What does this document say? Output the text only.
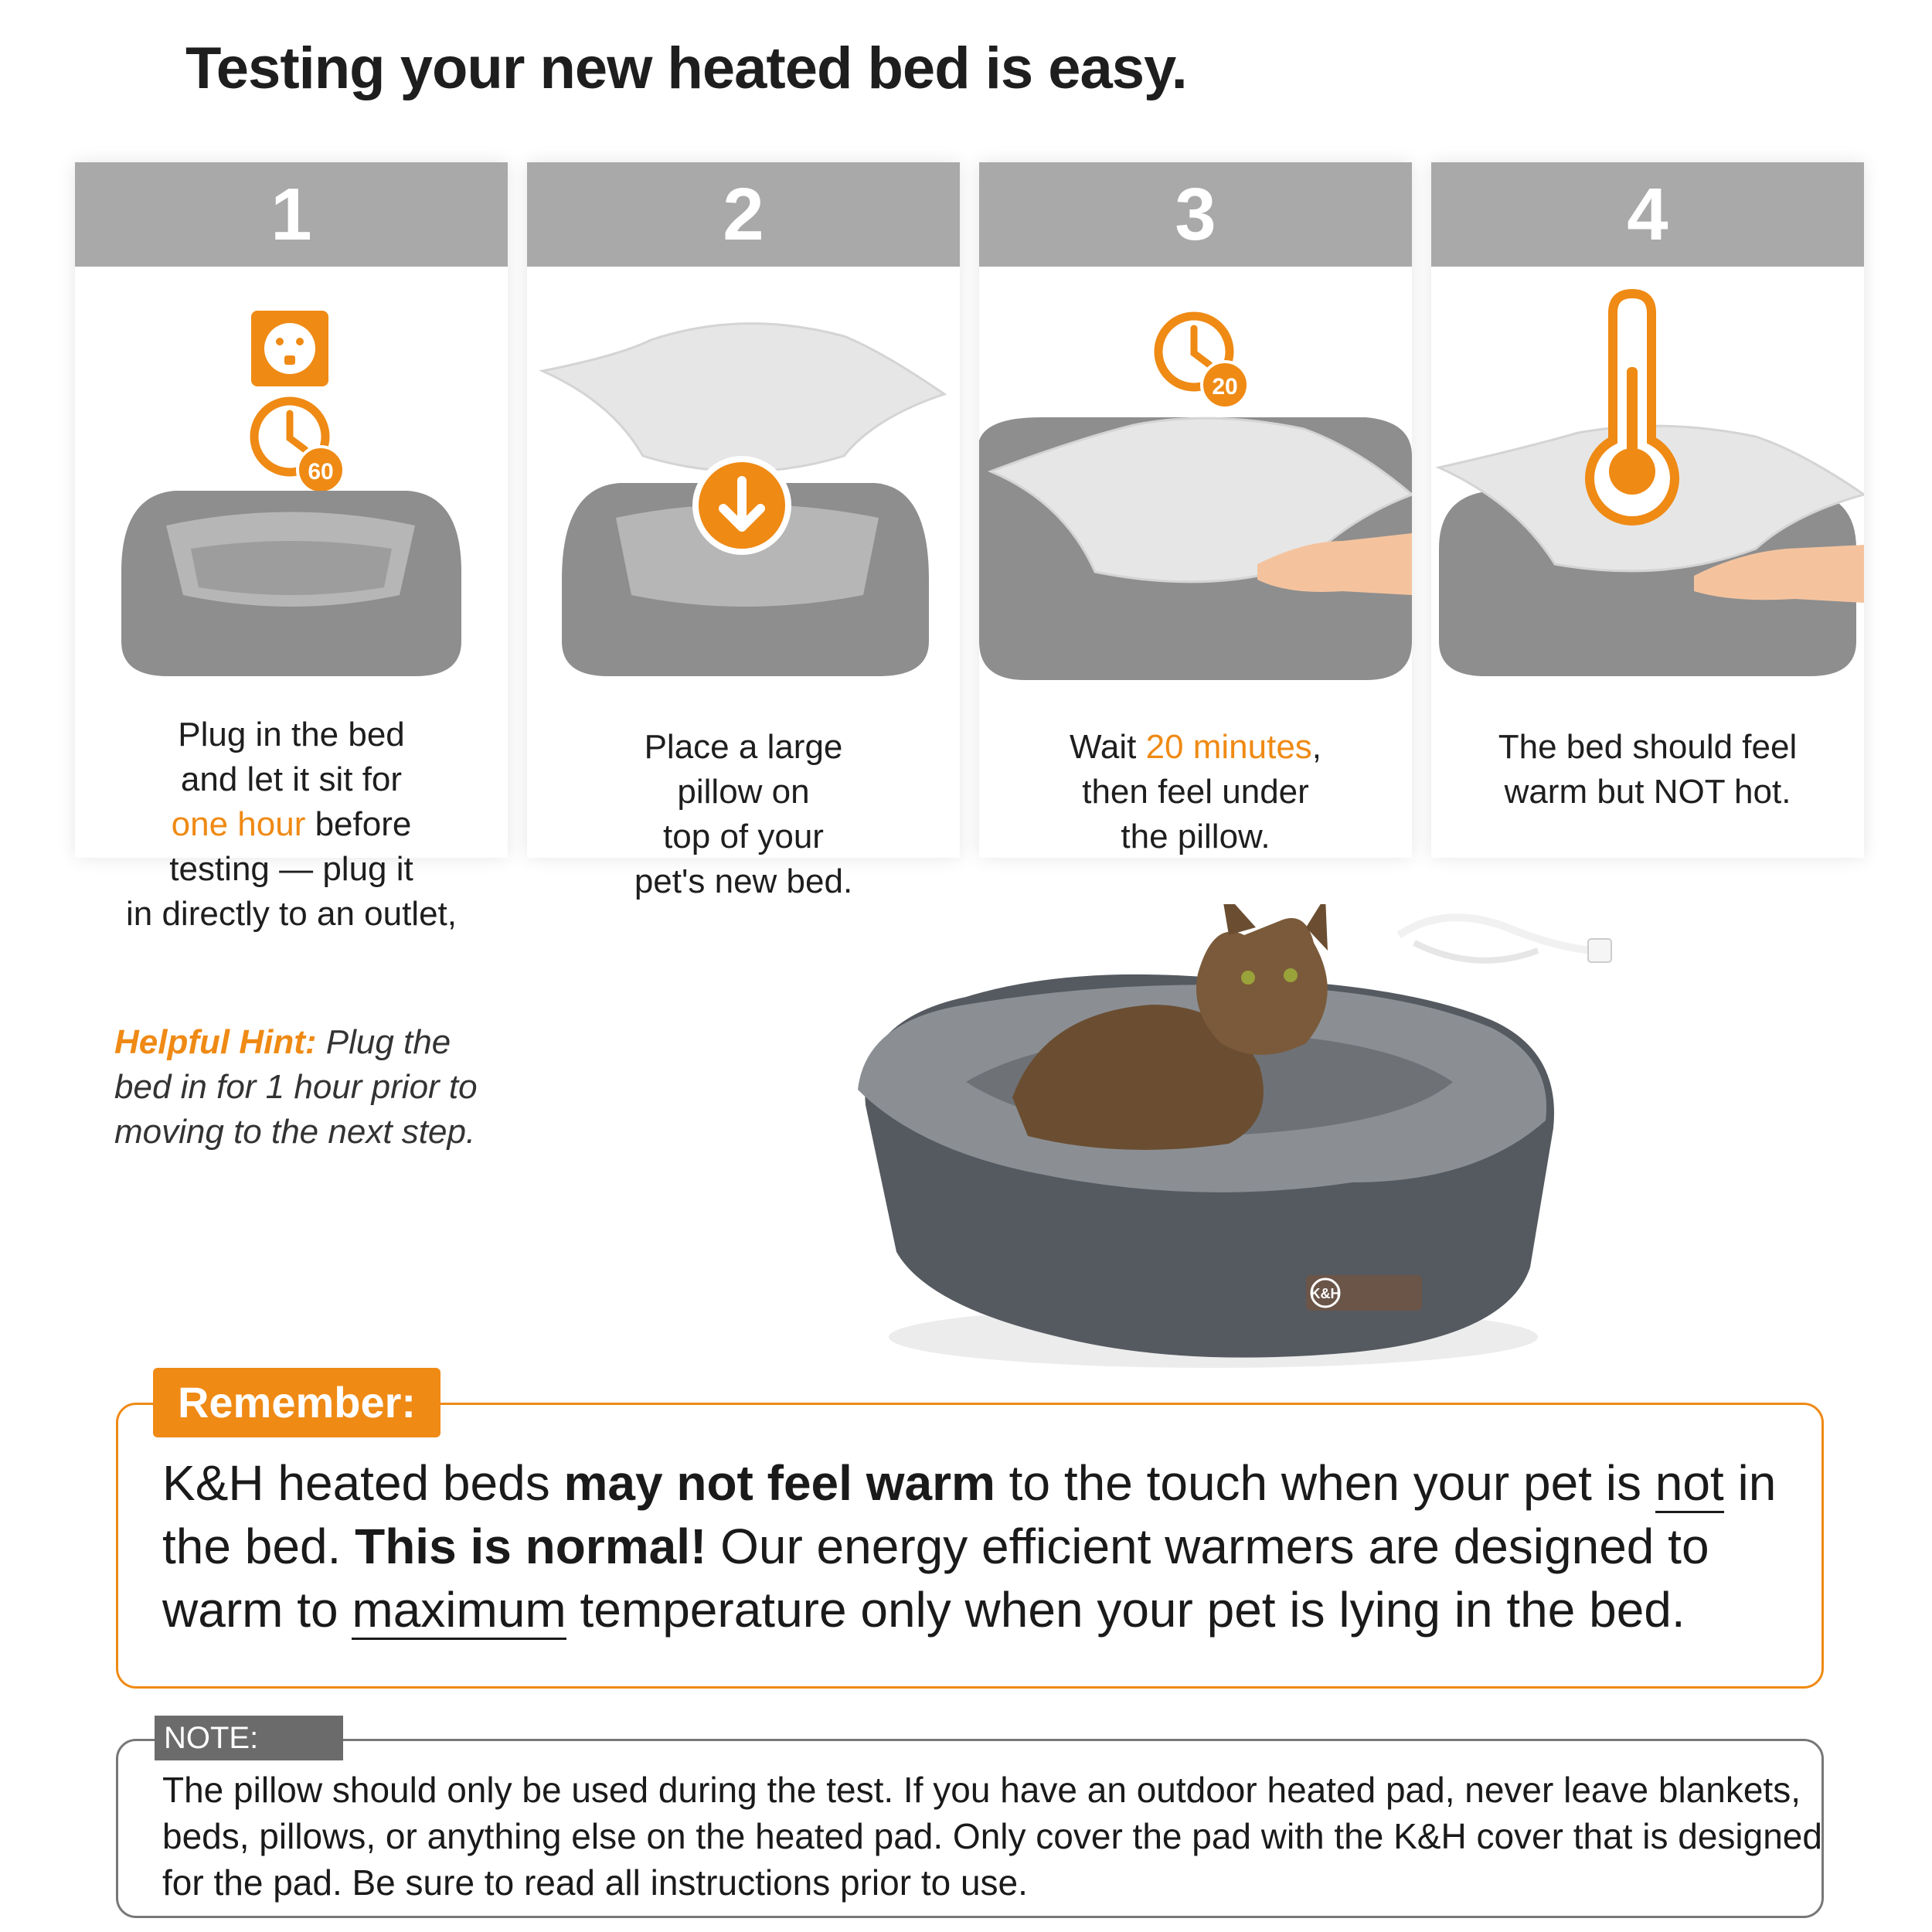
Testing your new heated bed is easy.
1
60
2	3
20
4
Plug in the bed
and let it sit for
one hour before
testing — plug it
in directly to an outlet,
Place a large
pillow on
top of your
pet's new bed.
Wait 20 minutes,
then feel under
the pillow.
The bed should feel
warm but NOT hot.
Helpful Hint: Plug the
bed in for 1 hour prior to
moving to the next step.
K&H
Remember:
K&H heated beds may not feel warm to the touch when your pet is not in the bed. This is normal! Our energy efficient warmers are designed to warm to maximum temperature only when your pet is lying in the bed.
NOTE:
The pillow should only be used during the test. If you have an outdoor heated pad, never leave blankets, beds, pillows, or anything else on the heated pad. Only cover the pad with the K&H cover that is designed for the pad. Be sure to read all instructions prior to use.
